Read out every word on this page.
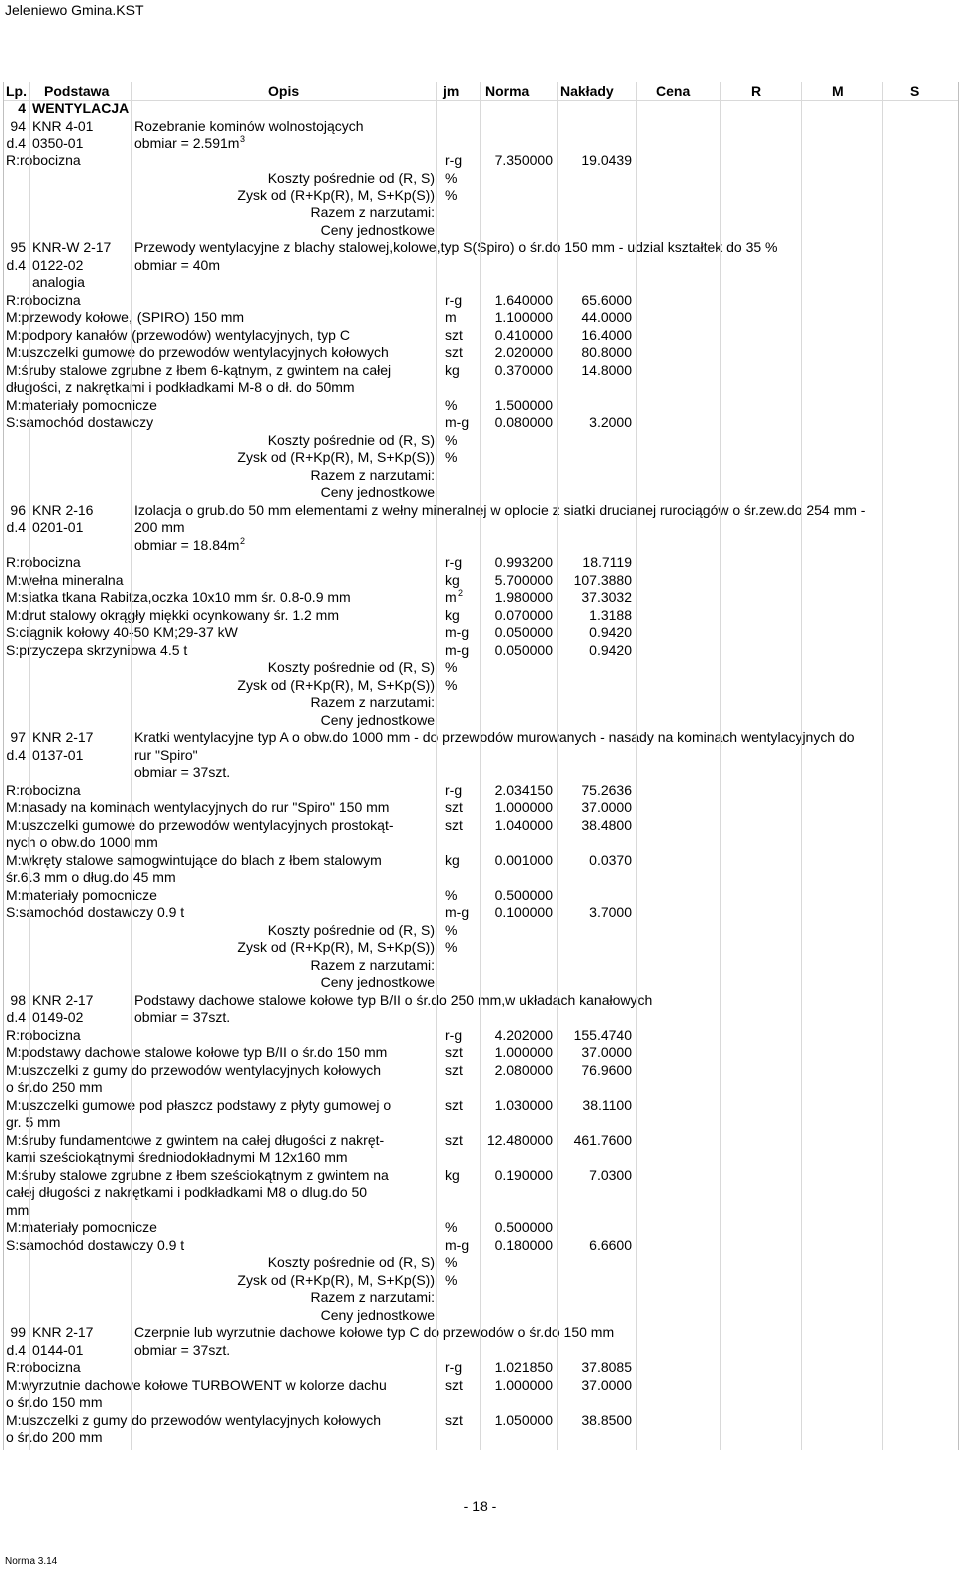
Jeleniewo Gmina.KST
Lp. Podstawa	Opis	jm Norma Nakłady	Cena	R	M	S
4 WENTYLACJA
94 KNR 4-01	Rozebranie kominów wolnostojących
d.4 0350-01	obmiar = 2.591m 3
R:robocizna	r-g 7.350000 19.0439
Koszty pośrednie od (R, S) %
Zysk od (R+Kp(R), M, S+Kp(S)) %
Razem z narzutami:
Ceny jednostkowe
95 KNR-W 2-17 Przewody wentylacyjne z blachy stalowej,kolowe,typ S(Spiro) o śr.do 150 mm - udzial kształtek do 35 %
d.4 0122-02	obmiar = 40m
analogia
R:robocizna	r-g 1.640000 65.6000
M:przewody kołowe, (SPIRO) 150 mm	m	1.100000 44.0000
M:podpory kanałów (przewodów) wentylacyjnych, typ C	szt 0.410000 16.4000
M:uszczelki gumowe do przewodów wentylacyjnych kołowych	szt 2.020000 80.8000
M:śruby stalowe zgrubne z łbem 6-kątnym, z gwintem na całej	kg 0.370000 14.8000
długości, z nakrętkami i podkładkami M-8 o dł. do 50mm
M:materiały pomocnicze	%	1.500000
S:samochód dostawczy	m-g 0.080000	3.2000
Koszty pośrednie od (R, S) %
Zysk od (R+Kp(R), M, S+Kp(S)) %
Razem z narzutami:
Ceny jednostkowe
96 KNR 2-16	Izolacja o grub.do 50 mm elementami z wełny mineralnej w oplocie z siatki drucianej rurociągów o śr.zew.do 254 mm -
d.4 0201-01	200 mm
obmiar = 18.84m 2
R:robocizna	r-g 0.993200 18.7119
M:wełna mineralna	kg 5.700000 107.3880
M:siatka tkana Rabitza,oczka 10x10 mm śr. 0.8-0.9 mm	m 2 1.980000 37.3032
M:drut stalowy okrągły miękki ocynkowany śr. 1.2 mm	kg 0.070000	1.3188
S:ciągnik kołowy 40-50 KM;29-37 kW	m-g 0.050000	0.9420
S:przyczepa skrzyniowa 4.5 t	m-g 0.050000	0.9420
Koszty pośrednie od (R, S) %
Zysk od (R+Kp(R), M, S+Kp(S)) %
Razem z narzutami:
Ceny jednostkowe
97 KNR 2-17	Kratki wentylacyjne typ A o obw.do 1000 mm - do przewodów murowanych - nasady na kominach wentylacyjnych do
d.4 0137-01	rur "Spiro"
obmiar = 37szt.
R:robocizna	r-g 2.034150 75.2636
M:nasady na kominach wentylacyjnych do rur "Spiro" 150 mm	szt 1.000000 37.0000
M:uszczelki gumowe do przewodów wentylacyjnych prostokąt-	szt 1.040000 38.4800
nych o obw.do 1000 mm
M:wkręty stalowe samogwintujące do blach z łbem stalowym	kg 0.001000	0.0370
śr.6.3 mm o dług.do 45 mm
M:materiały pomocnicze	%	0.500000
S:samochód dostawczy 0.9 t	m-g 0.100000	3.7000
Koszty pośrednie od (R, S) %
Zysk od (R+Kp(R), M, S+Kp(S)) %
Razem z narzutami:
Ceny jednostkowe
98 KNR 2-17	Podstawy dachowe stalowe kołowe typ B/II o śr.do 250 mm,w układach kanałowych
d.4 0149-02	obmiar = 37szt.
R:robocizna	r-g 4.202000 155.4740
M:podstawy dachowe stalowe kołowe typ B/II o śr.do 150 mm	szt 1.000000 37.0000
M:uszczelki z gumy do przewodów wentylacyjnych kołowych	szt 2.080000 76.9600
o śr.do 250 mm
M:uszczelki gumowe pod płaszcz podstawy z płyty gumowej o	szt 1.030000 38.1100
gr. 5 mm
M:śruby fundamentowe z gwintem na całej długości z nakręt-	szt 12.480000 461.7600
kami sześciokątnymi średniodokładnymi M 12x160 mm
M:śruby stalowe zgrubne z łbem sześciokątnym z gwintem na	kg 0.190000	7.0300
całej długości z nakrętkami i podkładkami M8 o dlug.do 50
mm
M:materiały pomocnicze	%	0.500000
S:samochód dostawczy 0.9 t	m-g 0.180000	6.6600
Koszty pośrednie od (R, S) %
Zysk od (R+Kp(R), M, S+Kp(S)) %
Razem z narzutami:
Ceny jednostkowe
99 KNR 2-17	Czerpnie lub wyrzutnie dachowe kołowe typ C do przewodów o śr.do 150 mm
d.4 0144-01	obmiar = 37szt.
R:robocizna	r-g 1.021850 37.8085
M:wyrzutnie dachowe kołowe TURBOWENT w kolorze dachu	szt 1.000000 37.0000
o śr.do 150 mm
M:uszczelki z gumy do przewodów wentylacyjnych kołowych	szt 1.050000 38.8500
o śr.do 200 mm
- 18 -
Norma 3.14
